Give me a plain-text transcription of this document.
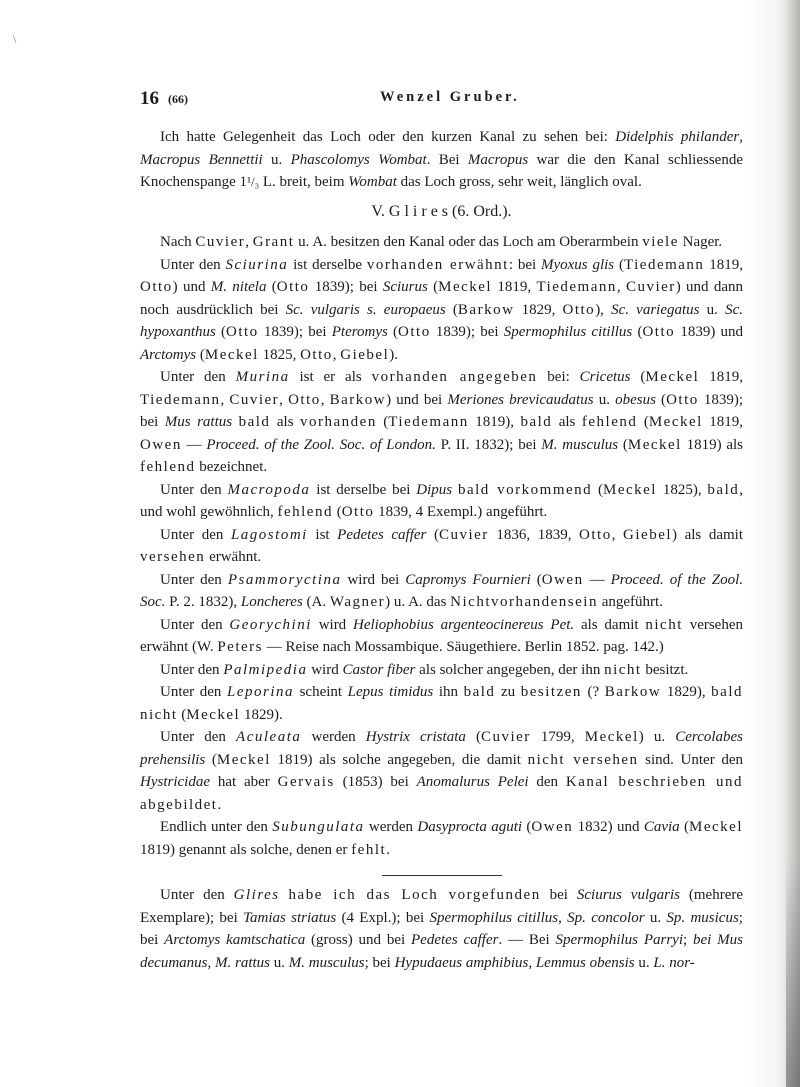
\
16 (66)	Wenzel Gruber.

Ich hatte Gelegenheit das Loch oder den kurzen Kanal zu sehen bei: Didelphis philander, Macropus Bennettii u. Phascolomys Wombat. Bei Macropus war die den Kanal schliessende Knochenspange 1¹/₃ L. breit, beim Wombat das Loch gross, sehr weit, länglich oval.

V. G l i r e s (6. Ord.).

Nach Cuvier, Grant u. A. besitzen den Kanal oder das Loch am Oberarmbein viele Nager.

Unter den Sciurina ist derselbe vorhanden erwähnt: bei Myoxus glis (Tiedemann 1819, Otto) und M. nitela (Otto 1839); bei Sciurus (Meckel 1819, Tiedemann, Cuvier) und dann noch ausdrücklich bei Sc. vulgaris s. europaeus (Barkow 1829, Otto), Sc. variegatus u. Sc. hypoxanthus (Otto 1839); bei Pteromys (Otto 1839); bei Spermophilus citillus (Otto 1839) und Arctomys (Meckel 1825, Otto, Giebel).

Unter den Murina ist er als vorhanden angegeben bei: Cricetus (Meckel 1819, Tiedemann, Cuvier, Otto, Barkow) und bei Meriones brevicaudatus u. obesus (Otto 1839); bei Mus rattus bald als vorhanden (Tiedemann 1819), bald als fehlend (Meckel 1819, Owen — Proceed. of the Zool. Soc. of London. P. II. 1832); bei M. musculus (Meckel 1819) als fehlend bezeichnet.

Unter den Macropoda ist derselbe bei Dipus bald vorkommend (Meckel 1825), bald, und wohl gewöhnlich, fehlend (Otto 1839, 4 Exempl.) angeführt.

Unter den Lagostomi ist Pedetes caffer (Cuvier 1836, 1839, Otto, Giebel) als damit versehen erwähnt.

Unter den Psammoryctina wird bei Capromys Fournieri (Owen — Proceed. of the Zool. Soc. P. 2. 1832), Loncheres (A. Wagner) u. A. das Nichtvorhandensein angeführt.

Unter den Georychini wird Heliophobius argenteocinereus Pet. als damit nicht versehen erwähnt (W. Peters — Reise nach Mossambique. Säugethiere. Berlin 1852. pag. 142.)

Unter den Palmipedia wird Castor fiber als solcher angegeben, der ihn nicht besitzt.

Unter den Leporina scheint Lepus timidus ihn bald zu besitzen (? Barkow 1829), bald nicht (Meckel 1829).

Unter den Aculeata werden Hystrix cristata (Cuvier 1799, Meckel) u. Cercolabes prehensilis (Meckel 1819) als solche angegeben, die damit nicht versehen sind. Unter den Hystricidae hat aber Gervais (1853) bei Anomalurus Pelei den Kanal beschrieben und abgebildet.

Endlich unter den Subungulata werden Dasyprocta aguti (Owen 1832) und Cavia (Meckel 1819) genannt als solche, denen er fehlt.

Unter den Glires habe ich das Loch vorgefunden bei Sciurus vulgaris (mehrere Exemplare); bei Tamias striatus (4 Expl.); bei Spermophilus citillus, Sp. concolor u. Sp. musicus; bei Arctomys kamtschatica (gross) und bei Pedetes caffer. — Bei Spermophilus Parryi; bei Mus decumanus, M. rattus u. M. musculus; bei Hypudaeus amphibius, Lemmus obensis u. L. nor-
